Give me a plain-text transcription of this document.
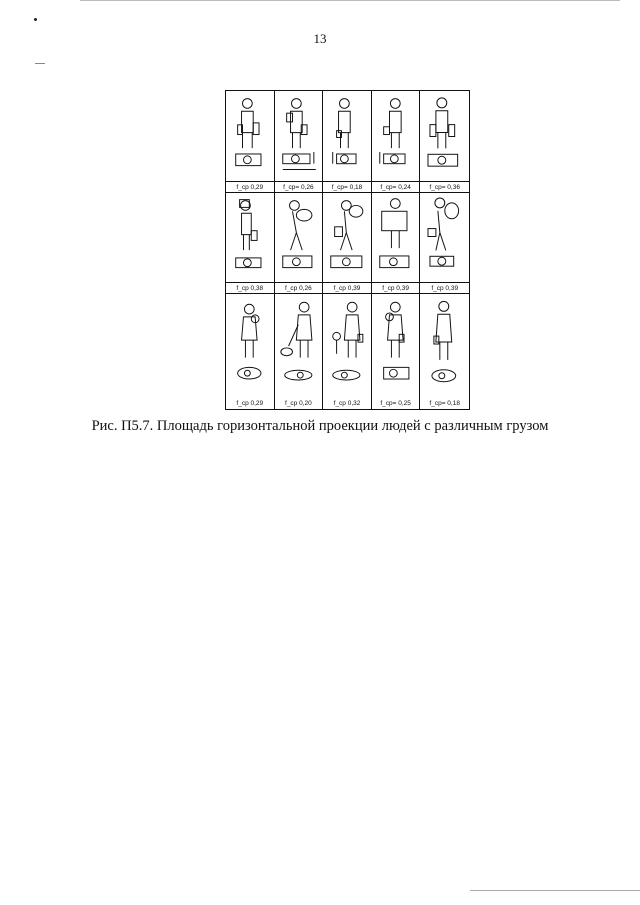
13
f_ср 0,29	f_ср= 0,26	f_ср= 0,18	f_ср= 0,24	f_ср= 0,36
f_ср 0,38	f_ср 0,26	f_ср 0,39	f_ср 0,39	f_ср 0,39
f_ср 0,29	f_ср 0,20	f_ср 0,32	f_ср= 0,25	f_ср= 0,18
Рис. П5.7. Площадь горизонтальной проекции людей с различным грузом
